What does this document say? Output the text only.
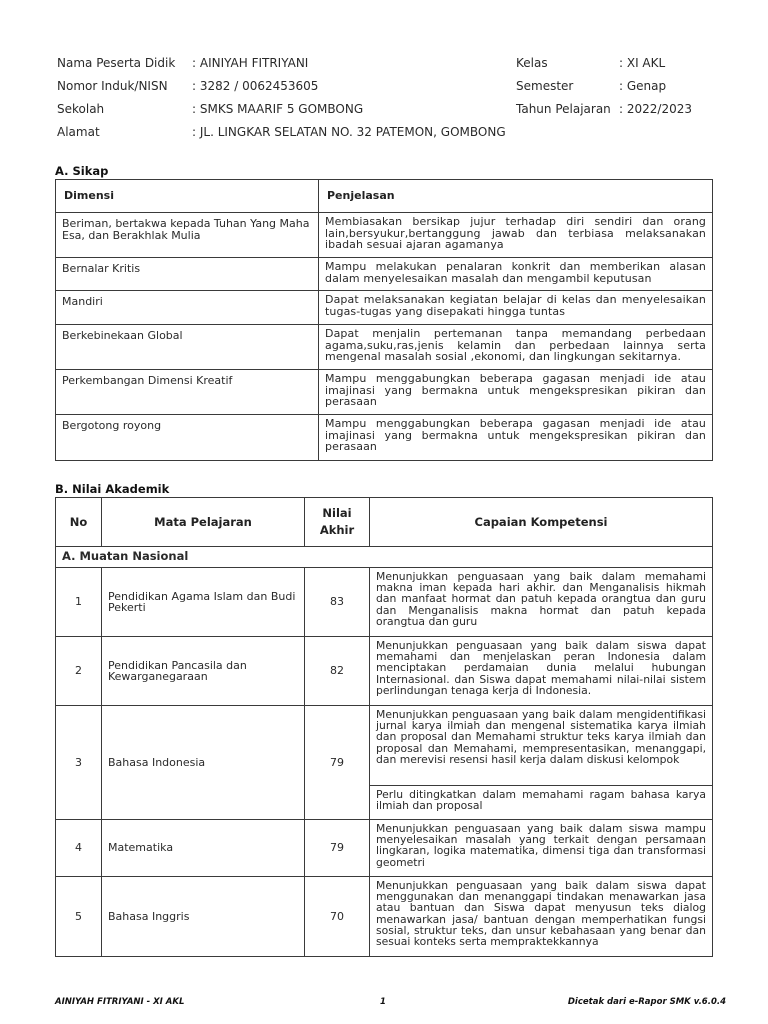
Nama Peserta Didik : AINIYAH FITRIYANI
Nomor Induk/NISN : 3282 / 0062453605
Sekolah	: SMKS MAARIF 5 GOMBONG
Alamat	: JL. LINGKAR SELATAN NO. 32 PATEMON, GOMBONG
Kelas	: XI AKL
Semester	: Genap
Tahun Pelajaran : 2022/2023
A. Sikap
Dimensi	Penjelasan
Beriman, bertakwa kepada Tuhan Yang Maha Esa, dan Berakhlak Mulia	Membiasakan bersikap jujur terhadap diri sendiri dan orang lain,bersyukur,bertanggung jawab dan terbiasa melaksanakan ibadah sesuai ajaran agamanya
Bernalar Kritis	Mampu melakukan penalaran konkrit dan memberikan alasan dalam menyelesaikan masalah dan mengambil keputusan
Mandiri	Dapat melaksanakan kegiatan belajar di kelas dan menyelesaikan tugas-tugas yang disepakati hingga tuntas
Berkebinekaan Global	Dapat menjalin pertemanan tanpa memandang perbedaan agama,suku,ras,jenis kelamin dan perbedaan lainnya serta mengenal masalah sosial ,ekonomi, dan lingkungan sekitarnya.
Perkembangan Dimensi Kreatif	Mampu menggabungkan beberapa gagasan menjadi ide atau imajinasi yang bermakna untuk mengekspresikan pikiran dan perasaan
Bergotong royong	Mampu menggabungkan beberapa gagasan menjadi ide atau imajinasi yang bermakna untuk mengekspresikan pikiran dan perasaan
B. Nilai Akademik
No	Mata Pelajaran	Nilai Akhir	Capaian Kompetensi
A. Muatan Nasional			
1	Pendidikan Agama Islam dan Budi Pekerti	83	Menunjukkan penguasaan yang baik dalam memahami makna iman kepada hari akhir. dan Menganalisis hikmah dan manfaat hormat dan patuh kepada orangtua dan guru dan Menganalisis makna hormat dan patuh kepada orangtua dan guru
2	Pendidikan Pancasila dan Kewarganegaraan	82	Menunjukkan penguasaan yang baik dalam siswa dapat memahami dan menjelaskan peran Indonesia dalam menciptakan perdamaian dunia melalui hubungan Internasional. dan Siswa dapat memahami nilai-nilai sistem perlindungan tenaga kerja di Indonesia.
3	Bahasa Indonesia	79	Menunjukkan penguasaan yang baik dalam mengidentifikasi jurnal karya ilmiah dan mengenal sistematika karya ilmiah dan proposal dan Memahami struktur teks karya ilmiah dan proposal dan Memahami, mempresentasikan, menanggapi, dan merevisi resensi hasil kerja dalam diskusi kelompok
			Perlu ditingkatkan dalam memahami ragam bahasa karya ilmiah dan proposal
4	Matematika	79	Menunjukkan penguasaan yang baik dalam siswa mampu menyelesaikan masalah yang terkait dengan persamaan lingkaran, logika matematika, dimensi tiga dan transformasi geometri
5	Bahasa Inggris	70	Menunjukkan penguasaan yang baik dalam siswa dapat menggunakan dan menanggapi tindakan menawarkan jasa atau bantuan dan Siswa dapat menyusun teks dialog menawarkan jasa/ bantuan dengan memperhatikan fungsi sosial, struktur teks, dan unsur kebahasaan yang benar dan sesuai konteks serta mempraktekkannya
AINIYAH FITRIYANI - XI AKL	1	Dicetak dari e-Rapor SMK v.6.0.4
